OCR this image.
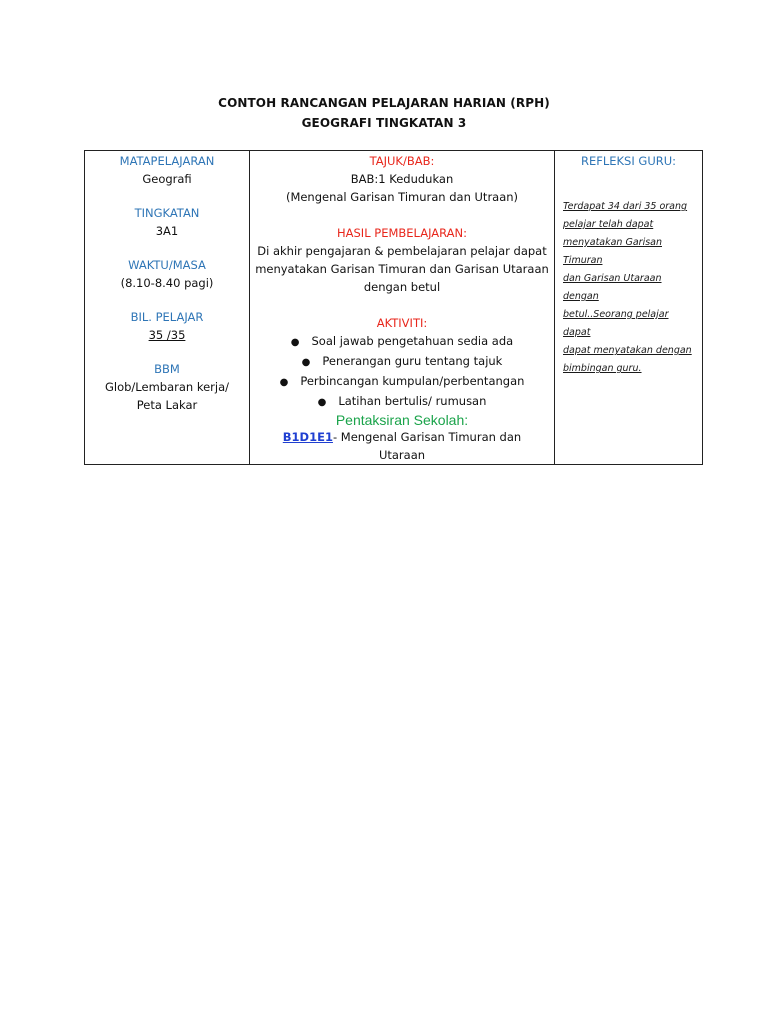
CONTOH RANCANGAN PELAJARAN HARIAN (RPH)
GEOGRAFI TINGKATAN 3
MATAPELAJARAN
Geografi
TINGKATAN
3A1
WAKTU/MASA
(8.10-8.40 pagi)
BIL. PELAJAR
35 /35
BBM
Glob/Lembaran kerja/
Peta Lakar

TAJUK/BAB:
BAB:1 Kedudukan
(Mengenal Garisan Timuran dan Utraan)
HASIL PEMBELAJARAN:
Di akhir pengajaran & pembelajaran pelajar dapat
menyatakan Garisan Timuran dan Garisan Utaraan
dengan betul
AKTIVITI:
● Soal jawab pengetahuan sedia ada
● Penerangan guru tentang tajuk
● Perbincangan kumpulan/perbentangan
● Latihan bertulis/ rumusan
Pentaksiran Sekolah:
B1D1E1- Mengenal Garisan Timuran dan
Utaraan

REFLEKSI GURU:
Terdapat 34 dari 35 orang
pelajar telah dapat
menyatakan Garisan Timuran
dan Garisan Utaraan dengan
betul..Seorang pelajar dapat
dapat menyatakan dengan
bimbingan guru.
